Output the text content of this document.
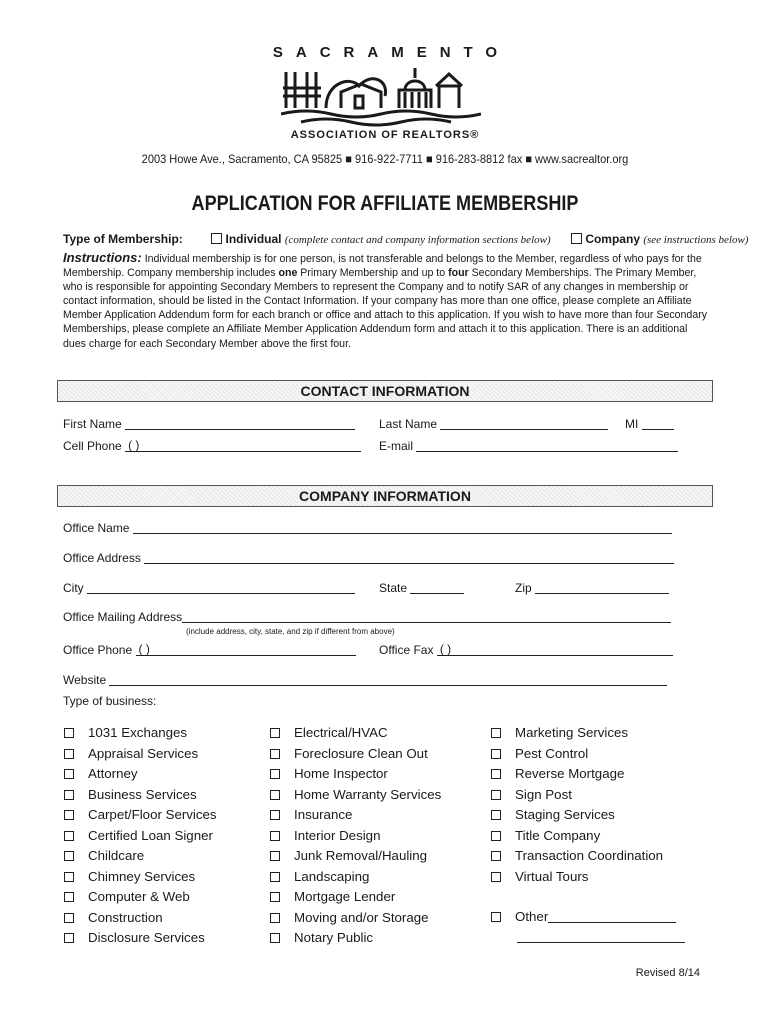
SACRAMENTO
ASSOCIATION OF REALTORS®
2003 Howe Ave., Sacramento, CA 95825 ■ 916-922-7711 ■ 916-283-8812 fax ■ www.sacrealtor.org
APPLICATION FOR AFFILIATE MEMBERSHIP
Type of Membership:	Individual (complete contact and company information sections below)	Company (see instructions below)
Instructions: Individual membership is for one person, is not transferable and belongs to the Member, regardless of who pays for the Membership. Company membership includes one Primary Membership and up to four Secondary Memberships. The Primary Member, who is responsible for appointing Secondary Members to represent the Company and to notify SAR of any changes in membership or contact information, should be listed in the Contact Information. If your company has more than one office, please complete an Affiliate Member Application Addendum form for each branch or office and attach to this application. If you wish to have more than four Secondary Memberships, please complete an Affiliate Member Application Addendum form and attach it to this application. There is an additional dues charge for each Secondary Member above the first four.
CONTACT INFORMATION
First Name	Last Name	MI
Cell Phone ( )	E-mail
COMPANY INFORMATION
Office Name
Office Address
City	State	Zip
Office Mailing Address
(include address, city, state, and zip if different from above)
Office Phone ( )	Office Fax ( )
Website
Type of business:
1031 Exchanges
Appraisal Services
Attorney
Business Services
Carpet/Floor Services
Certified Loan Signer
Childcare
Chimney Services
Computer & Web
Construction
Disclosure Services
Electrical/HVAC
Foreclosure Clean Out
Home Inspector
Home Warranty Services
Insurance
Interior Design
Junk Removal/Hauling
Landscaping
Mortgage Lender
Moving and/or Storage
Notary Public
Marketing Services
Pest Control
Reverse Mortgage
Sign Post
Staging Services
Title Company
Transaction Coordination
Virtual Tours
Other
Revised 8/14
